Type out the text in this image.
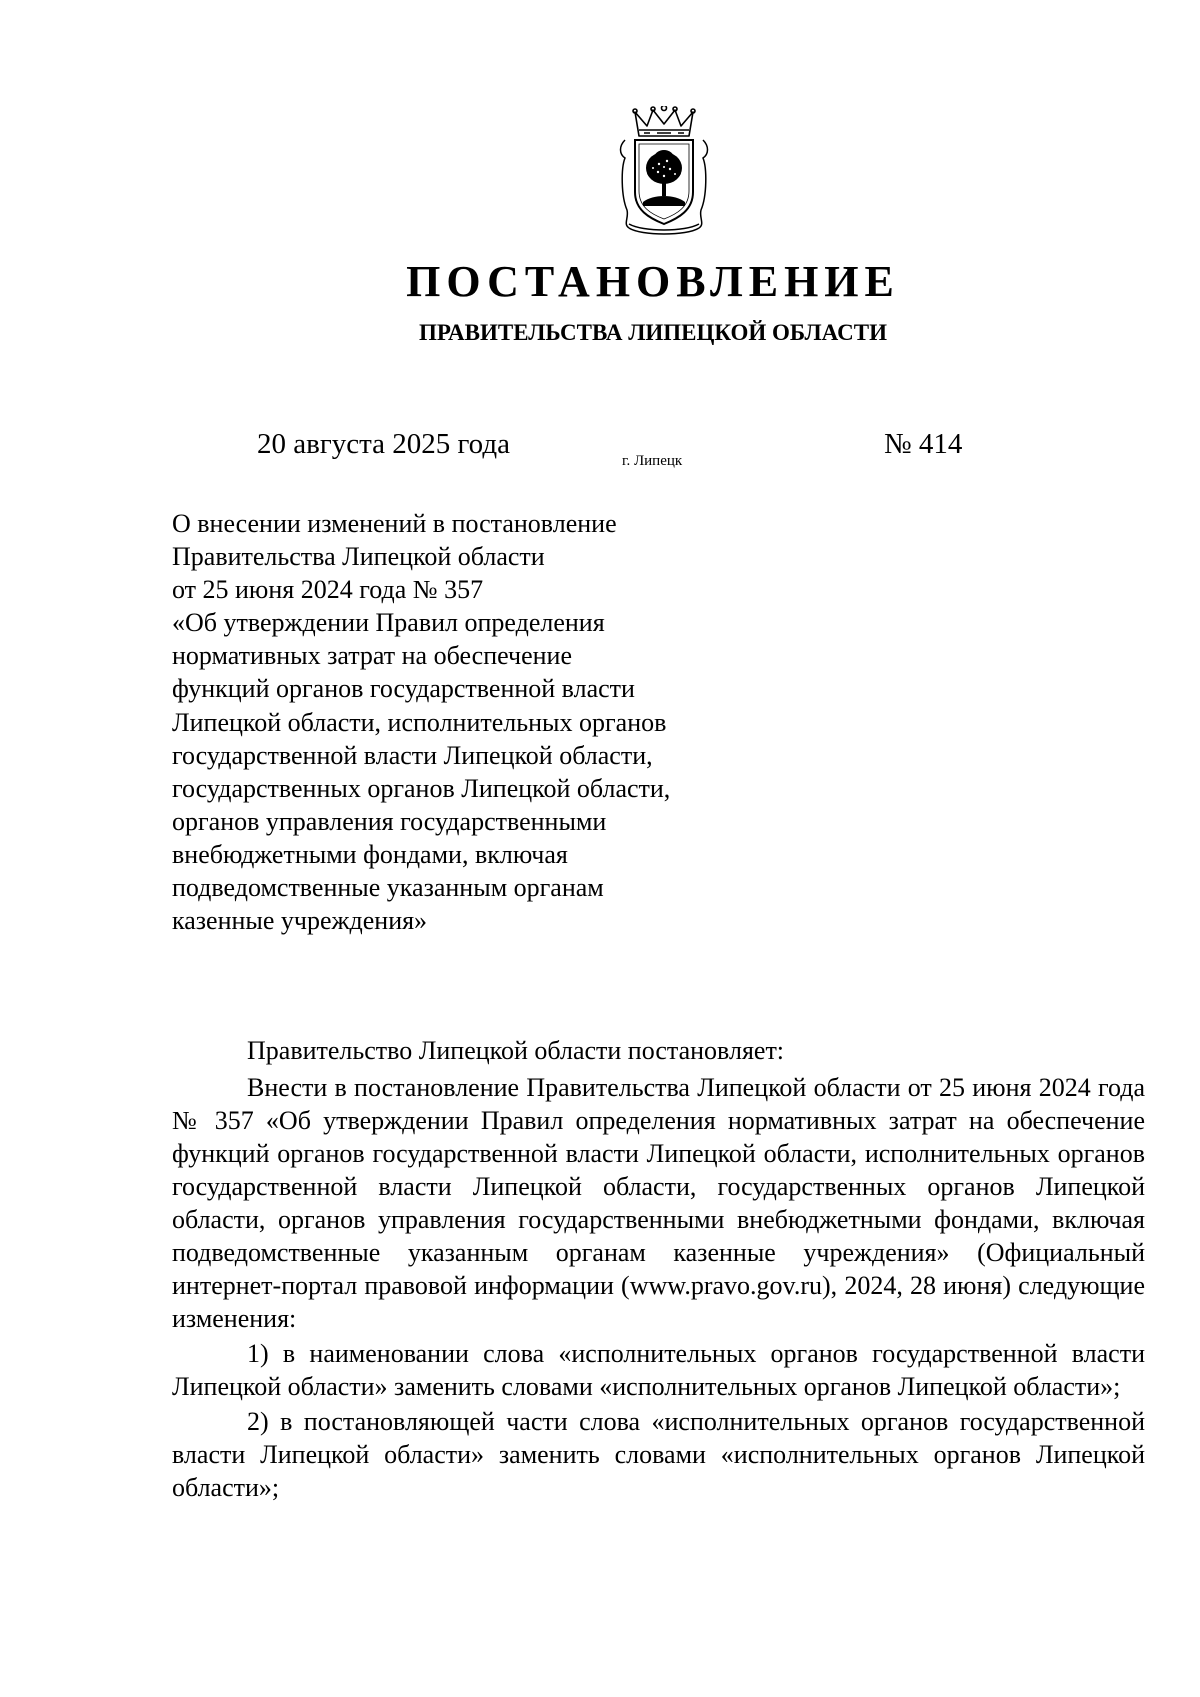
ПОСТАНОВЛЕНИЕ
ПРАВИТЕЛЬСТВА ЛИПЕЦКОЙ ОБЛАСТИ
20 августа 2025 года
г. Липецк
№ 414
О внесении изменений в постановление
Правительства Липецкой области
от 25 июня 2024 года № 357
«Об утверждении Правил определения
нормативных затрат на обеспечение
функций органов государственной власти
Липецкой области, исполнительных органов
государственной власти Липецкой области,
государственных органов Липецкой области,
органов управления государственными
внебюджетными фондами, включая
подведомственные указанным органам
казенные учреждения»

Правительство Липецкой области постановляет:

Внести в постановление Правительства Липецкой области от 25 июня 2024 года № 357 «Об утверждении Правил определения нормативных затрат на обеспечение функций органов государственной власти Липецкой области, исполнительных органов государственной власти Липецкой области, государственных органов Липецкой области, органов управления государственными внебюджетными фондами, включая подведомственные указанным органам казенные учреждения» (Официальный интернет-портал правовой информации (www.pravo.gov.ru), 2024, 28 июня) следующие изменения:

1) в наименовании слова «исполнительных органов государственной власти Липецкой области» заменить словами «исполнительных органов Липецкой области»;

2) в постановляющей части слова «исполнительных органов государственной власти Липецкой области» заменить словами «исполнительных органов Липецкой области»;
